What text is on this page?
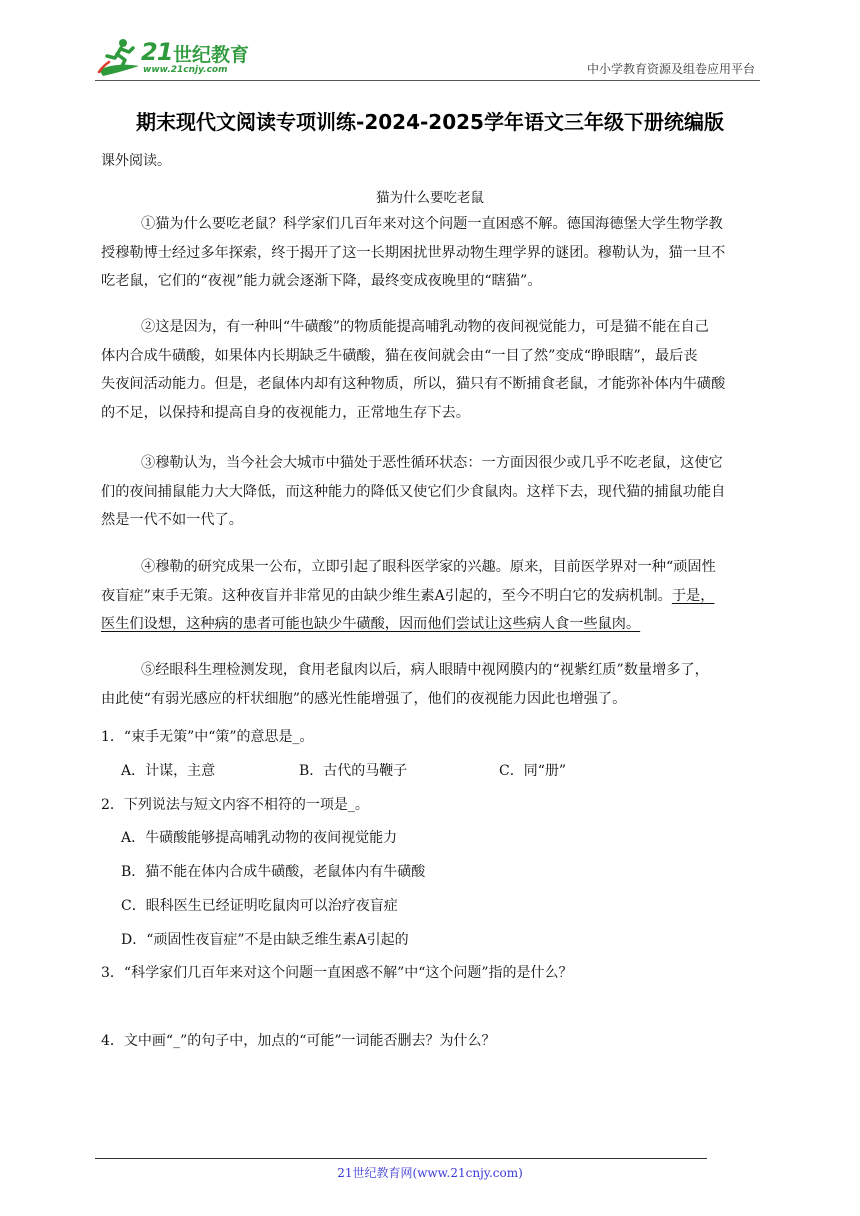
21 世纪教育
www.21cnjy.com	中小学教育资源及组卷应用平台
期末现代文阅读专项训练-2024-2025学年语文三年级下册统编版
课外阅读。
猫为什么要吃老鼠
①猫为什么要吃老鼠？科学家们几百年来对这个问题一直困惑不解。德国海德堡大学生物学教
授穆勒博士经过多年探索，终于揭开了这一长期困扰世界动物生理学界的谜团。穆勒认为，猫一旦不
吃老鼠，它们的“夜视”能力就会逐渐下降，最终变成夜晚里的“瞎猫”。
②这是因为，有一种叫“牛磺酸”的物质能提高哺乳动物的夜间视觉能力，可是猫不能在自己
体内合成牛磺酸，如果体内长期缺乏牛磺酸，猫在夜间就会由“一目了然”变成“睁眼瞎”，最后丧
失夜间活动能力。但是，老鼠体内却有这种物质，所以，猫只有不断捕食老鼠，才能弥补体内牛磺酸
的不足，以保持和提高自身的夜视能力，正常地生存下去。
③穆勒认为，当今社会大城市中猫处于恶性循环状态：一方面因很少或几乎不吃老鼠，这使它
们的夜间捕鼠能力大大降低，而这种能力的降低又使它们少食鼠肉。这样下去，现代猫的捕鼠功能自
然是一代不如一代了。
④穆勒的研究成果一公布，立即引起了眼科医学家的兴趣。原来，目前医学界对一种“顽固性
夜盲症”束手无策。这种夜盲并非常见的由缺少维生素A引起的，至今不明白它的发病机制。于是，
医生们设想，这种病的患者可能也缺少牛磺酸，因而他们尝试让这些病人食一些鼠肉。
⑤经眼科生理检测发现，食用老鼠肉以后，病人眼睛中视网膜内的“视紫红质”数量增多了，
由此使“有弱光感应的杆状细胞”的感光性能增强了，他们的夜视能力因此也增强了。
1．“束手无策”中“策”的意思是_。
A．计谋，主意	B．古代的马鞭子	C．同“册”
2．下列说法与短文内容不相符的一项是_。
A．牛磺酸能够提高哺乳动物的夜间视觉能力
B．猫不能在体内合成牛磺酸，老鼠体内有牛磺酸
C．眼科医生已经证明吃鼠肉可以治疗夜盲症
D．“顽固性夜盲症”不是由缺乏维生素A引起的
3．“科学家们几百年来对这个问题一直困惑不解”中“这个问题”指的是什么？
4．文中画“_”的句子中，加点的“可能”一词能否删去？为什么？
21世纪教育网(www.21cnjy.com)
